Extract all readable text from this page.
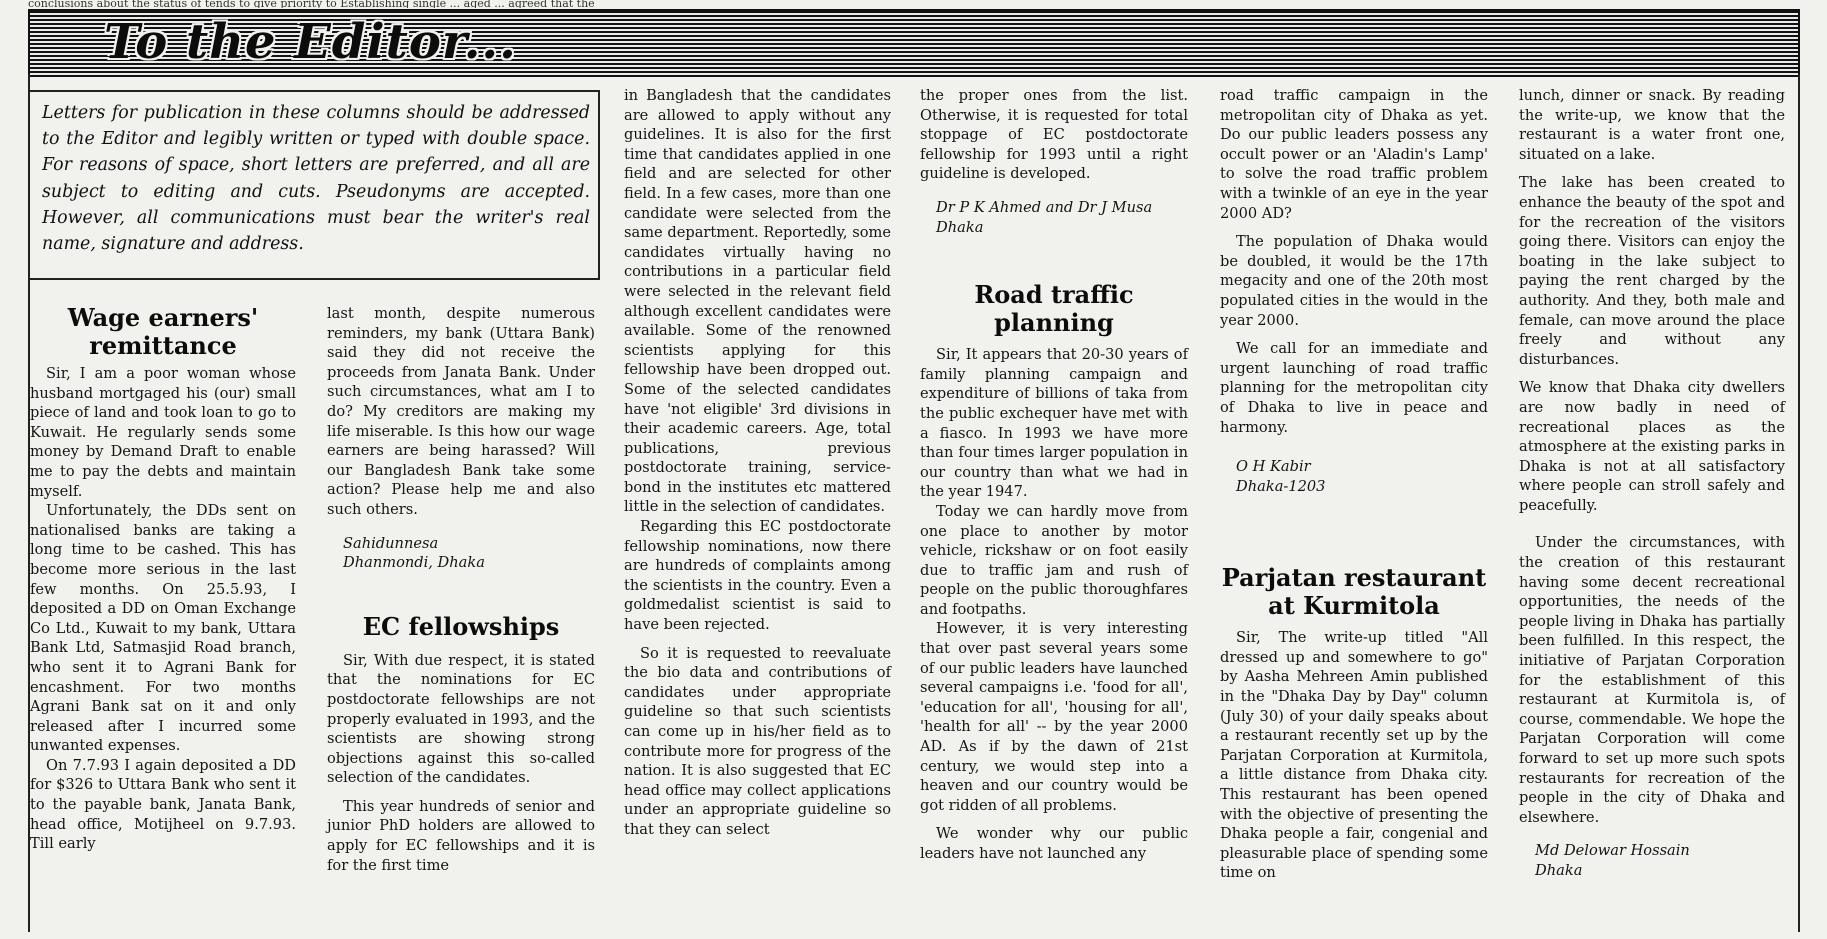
conclusions about the status of tends to give priority to Establishing single ... aged ... agreed that the
To the Editor...
Letters for publication in these columns should be addressed to the Editor and legibly written or typed with double space. For reasons of space, short letters are preferred, and all are subject to editing and cuts. Pseudonyms are accepted. However, all communications must bear the writer's real name, signature and address.
Wage earners' remittance

Sir, I am a poor woman whose husband mortgaged his (our) small piece of land and took loan to go to Kuwait. He regularly sends some money by Demand Draft to enable me to pay the debts and maintain myself.

Unfortunately, the DDs sent on nationalised banks are taking a long time to be cashed. This has become more serious in the last few months. On 25.5.93, I deposited a DD on Oman Exchange Co Ltd., Kuwait to my bank, Uttara Bank Ltd, Satmasjid Road branch, who sent it to Agrani Bank for encashment. For two months Agrani Bank sat on it and only released after I incurred some unwanted expenses.

On 7.7.93 I again deposited a DD for $326 to Uttara Bank who sent it to the payable bank, Janata Bank, head office, Motijheel on 9.7.93. Till early

last month, despite numerous reminders, my bank (Uttara Bank) said they did not receive the proceeds from Janata Bank. Under such circumstances, what am I to do? My creditors are making my life miserable. Is this how our wage earners are being harassed? Will our Bangladesh Bank take some action? Please help me and also such others.

Sahidunnesa

Dhanmondi, Dhaka

EC fellowships

Sir, With due respect, it is stated that the nominations for EC postdoctorate fellowships are not properly evaluated in 1993, and the scientists are showing strong objections against this so-called selection of the candidates.

This year hundreds of senior and junior PhD holders are allowed to apply for EC fellowships and it is for the first time

in Bangladesh that the candidates are allowed to apply without any guidelines. It is also for the first time that candidates applied in one field and are selected for other field. In a few cases, more than one candidate were selected from the same department. Reportedly, some candidates virtually having no contributions in a particular field were selected in the relevant field although excellent candidates were available. Some of the renowned scientists applying for this fellowship have been dropped out. Some of the selected candidates have 'not eligible' 3rd divisions in their academic careers. Age, total publications, previous postdoctorate training, service-bond in the institutes etc mattered little in the selection of candidates.

Regarding this EC postdoctorate fellowship nominations, now there are hundreds of complaints among the scientists in the country. Even a goldmedalist scientist is said to have been rejected.

So it is requested to reevaluate the bio data and contributions of candidates under appropriate guideline so that such scientists can come up in his/her field as to contribute more for progress of the nation. It is also suggested that EC head office may collect applications under an appropriate guideline so that they can select

the proper ones from the list. Otherwise, it is requested for total stoppage of EC postdoctorate fellowship for 1993 until a right guideline is developed.

Dr P K Ahmed and Dr J Musa

Dhaka

Road traffic planning

Sir, It appears that 20-30 years of family planning campaign and expenditure of billions of taka from the public exchequer have met with a fiasco. In 1993 we have more than four times larger population in our country than what we had in the year 1947.

Today we can hardly move from one place to another by motor vehicle, rickshaw or on foot easily due to traffic jam and rush of people on the public thoroughfares and footpaths.

However, it is very interesting that over past several years some of our public leaders have launched several campaigns i.e. 'food for all', 'education for all', 'housing for all', 'health for all' -- by the year 2000 AD. As if by the dawn of 21st century, we would step into a heaven and our country would be got ridden of all problems.

We wonder why our public leaders have not launched any

road traffic campaign in the metropolitan city of Dhaka as yet. Do our public leaders possess any occult power or an 'Aladin's Lamp' to solve the road traffic problem with a twinkle of an eye in the year 2000 AD?

The population of Dhaka would be doubled, it would be the 17th megacity and one of the 20th most populated cities in the would in the year 2000.

We call for an immediate and urgent launching of road traffic planning for the metropolitan city of Dhaka to live in peace and harmony.

O H Kabir

Dhaka-1203

Parjatan restaurant at Kurmitola

Sir, The write-up titled "All dressed up and somewhere to go" by Aasha Mehreen Amin published in the "Dhaka Day by Day" column (July 30) of your daily speaks about a restaurant recently set up by the Parjatan Corporation at Kurmitola, a little distance from Dhaka city. This restaurant has been opened with the objective of presenting the Dhaka people a fair, congenial and pleasurable place of spending some time on

lunch, dinner or snack. By reading the write-up, we know that the restaurant is a water front one, situated on a lake.

The lake has been created to enhance the beauty of the spot and for the recreation of the visitors going there. Visitors can enjoy the boating in the lake subject to paying the rent charged by the authority. And they, both male and female, can move around the place freely and without any disturbances.

We know that Dhaka city dwellers are now badly in need of recreational places as the atmosphere at the existing parks in Dhaka is not at all satisfactory where people can stroll safely and peacefully.

Under the circumstances, with the creation of this restaurant having some decent recreational opportunities, the needs of the people living in Dhaka has partially been fulfilled. In this respect, the initiative of Parjatan Corporation for the establishment of this restaurant at Kurmitola is, of course, commendable. We hope the Parjatan Corporation will come forward to set up more such spots restaurants for recreation of the people in the city of Dhaka and elsewhere.

Md Delowar Hossain

Dhaka
